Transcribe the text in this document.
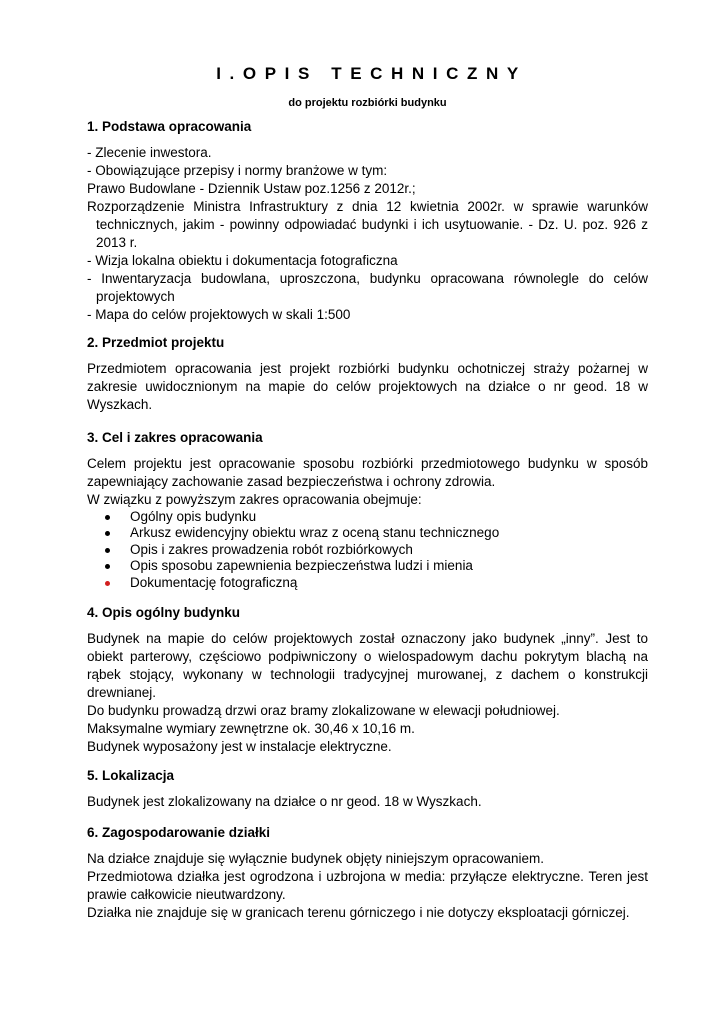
I.OPIS TECHNICZNY

do projektu rozbiórki budynku

1. Podstawa opracowania

- Zlecenie inwestora.

- Obowiązujące przepisy i normy branżowe w tym:

Prawo Budowlane - Dziennik Ustaw poz.1256 z 2012r.;

Rozporządzenie Ministra Infrastruktury z dnia 12 kwietnia 2002r. w sprawie warunków technicznych, jakim - powinny odpowiadać budynki i ich usytuowanie. - Dz. U. poz. 926 z 2013 r.

- Wizja lokalna obiektu i dokumentacja fotograficzna

- Inwentaryzacja budowlana, uproszczona, budynku opracowana równolegle do celów projektowych

- Mapa do celów projektowych w skali 1:500

2. Przedmiot projektu

Przedmiotem opracowania jest projekt rozbiórki budynku ochotniczej straży pożarnej w zakresie uwidocznionym na mapie do celów projektowych na działce o nr geod. 18 w Wyszkach.

3. Cel i zakres opracowania

Celem projektu jest opracowanie sposobu rozbiórki przedmiotowego budynku w sposób zapewniający zachowanie zasad bezpieczeństwa i ochrony zdrowia.

W związku z powyższym zakres opracowania obejmuje:

Ogólny opis budynku
Arkusz ewidencyjny obiektu wraz z oceną stanu technicznego
Opis i zakres prowadzenia robót rozbiórkowych
Opis sposobu zapewnienia bezpieczeństwa ludzi i mienia
Dokumentację fotograficzną
4. Opis ogólny budynku

Budynek na mapie do celów projektowych został oznaczony jako budynek „inny”. Jest to obiekt parterowy, częściowo podpiwniczony o wielospadowym dachu pokrytym blachą na rąbek stojący, wykonany w technologii tradycyjnej murowanej, z dachem o konstrukcji drewnianej.

Do budynku prowadzą drzwi oraz bramy zlokalizowane w elewacji południowej.

Maksymalne wymiary zewnętrzne ok. 30,46 x 10,16 m.

Budynek wyposażony jest w instalacje elektryczne.

5. Lokalizacja

Budynek jest zlokalizowany na działce o nr geod. 18 w Wyszkach.

6. Zagospodarowanie działki

Na działce znajduje się wyłącznie budynek objęty niniejszym opracowaniem.

Przedmiotowa działka jest ogrodzona i uzbrojona w media: przyłącze elektryczne. Teren jest prawie całkowicie nieutwardzony.

Działka nie znajduje się w granicach terenu górniczego i nie dotyczy eksploatacji górniczej.
